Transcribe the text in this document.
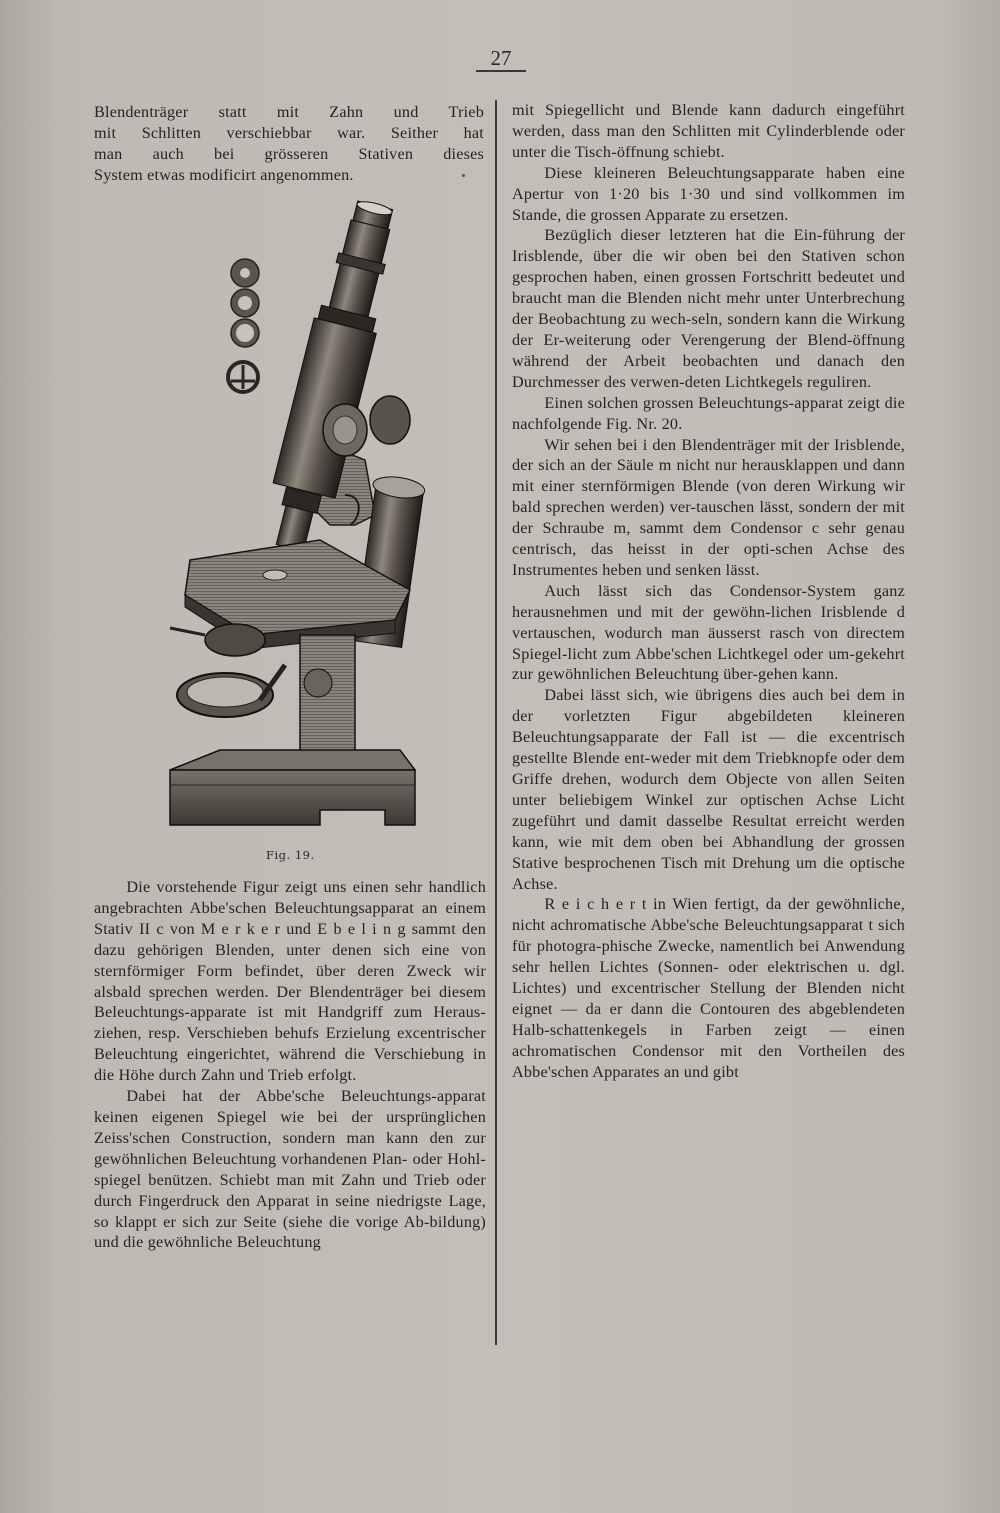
27

Blendenträger statt mit Zahn und Trieb

mit Schlitten verschiebbar war. Seither hat

man auch bei grösseren Stativen dieses

System etwas modificirt angenommen.

Fig. 19.

Die vorstehende Figur zeigt uns einen sehr handlich angebrachten Abbe'schen Beleuchtungsapparat an einem Stativ II c von M e r k e r und E b e l i n g sammt den dazu gehörigen Blenden, unter denen sich eine von sternförmiger Form befindet, über deren Zweck wir alsbald sprechen werden. Der Blendenträger bei diesem Beleuchtungs-apparate ist mit Handgriff zum Heraus-ziehen, resp. Verschieben behufs Erzielung excentrischer Beleuchtung eingerichtet, während die Verschiebung in die Höhe durch Zahn und Trieb erfolgt.

Dabei hat der Abbe'sche Beleuchtungs-apparat keinen eigenen Spiegel wie bei der ursprünglichen Zeiss'schen Construction, sondern man kann den zur gewöhnlichen Beleuchtung vorhandenen Plan- oder Hohl-spiegel benützen. Schiebt man mit Zahn und Trieb oder durch Fingerdruck den Apparat in seine niedrigste Lage, so klappt er sich zur Seite (siehe die vorige Ab-bildung) und die gewöhnliche Beleuchtung

mit Spiegellicht und Blende kann dadurch eingeführt werden, dass man den Schlitten mit Cylinderblende oder unter die Tisch-öffnung schiebt.

Diese kleineren Beleuchtungsapparate haben eine Apertur von 1·20 bis 1·30 und sind vollkommen im Stande, die grossen Apparate zu ersetzen.

Bezüglich dieser letzteren hat die Ein-führung der Irisblende, über die wir oben bei den Stativen schon gesprochen haben, einen grossen Fortschritt bedeutet und braucht man die Blenden nicht mehr unter Unterbrechung der Beobachtung zu wech-seln, sondern kann die Wirkung der Er-weiterung oder Verengerung der Blend-öffnung während der Arbeit beobachten und danach den Durchmesser des verwen-deten Lichtkegels reguliren.

Einen solchen grossen Beleuchtungs-apparat zeigt die nachfolgende Fig. Nr. 20.

Wir sehen bei i den Blendenträger mit der Irisblende, der sich an der Säule m nicht nur herausklappen und dann mit einer sternförmigen Blende (von deren Wirkung wir bald sprechen werden) ver-tauschen lässt, sondern der mit der Schraube m, sammt dem Condensor c sehr genau centrisch, das heisst in der opti-schen Achse des Instrumentes heben und senken lässt.

Auch lässt sich das Condensor-System ganz herausnehmen und mit der gewöhn-lichen Irisblende d vertauschen, wodurch man äusserst rasch von directem Spiegel-licht zum Abbe'schen Lichtkegel oder um-gekehrt zur gewöhnlichen Beleuchtung über-gehen kann.

Dabei lässt sich, wie übrigens dies auch bei dem in der vorletzten Figur abgebildeten kleineren Beleuchtungsapparate der Fall ist — die excentrisch gestellte Blende ent-weder mit dem Triebknopfe oder dem Griffe drehen, wodurch dem Objecte von allen Seiten unter beliebigem Winkel zur optischen Achse Licht zugeführt und damit dasselbe Resultat erreicht werden kann, wie mit dem oben bei Abhandlung der grossen Stative besprochenen Tisch mit Drehung um die optische Achse.

R e i c h e r t in Wien fertigt, da der gewöhnliche, nicht achromatische Abbe'sche Beleuchtungsapparat t sich für photogra-phische Zwecke, namentlich bei Anwendung sehr hellen Lichtes (Sonnen- oder elektrischen u. dgl. Lichtes) und excentrischer Stellung der Blenden nicht eignet — da er dann die Contouren des abgeblendeten Halb-schattenkegels in Farben zeigt — einen achromatischen Condensor mit den Vortheilen des Abbe'schen Apparates an und gibt
